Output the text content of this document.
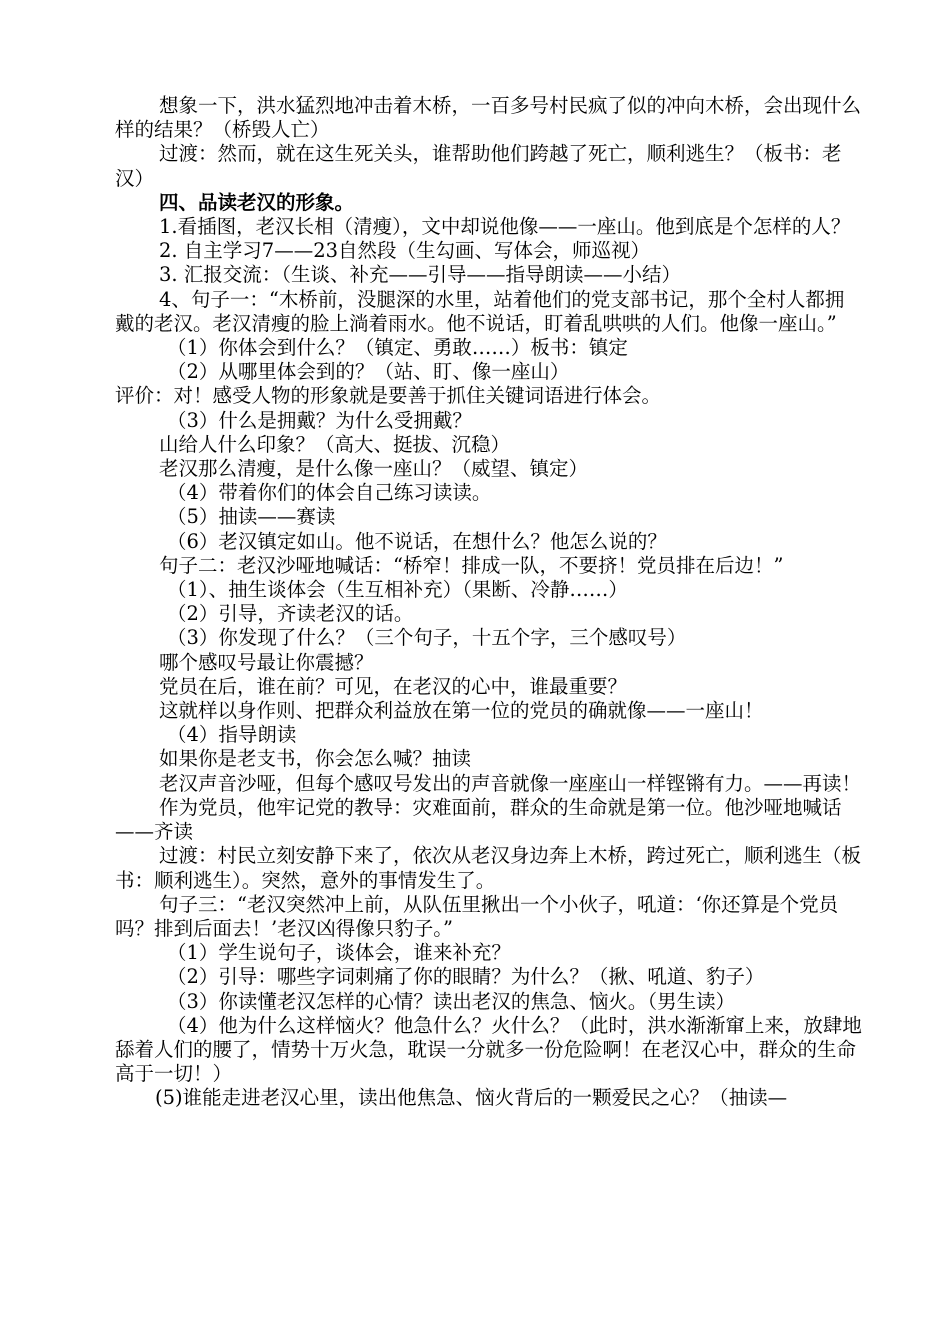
想象一下，洪水猛烈地冲击着木桥，一百多号村民疯了似的冲向木桥，会出现什么样的结果？（桥毁人亡）

过渡：然而，就在这生死关头，谁帮助他们跨越了死亡，顺利逃生？（板书：老汉）

四、品读老汉的形象。

1.看插图，老汉长相（清瘦），文中却说他像——一座山。他到底是个怎样的人？

2. 自主学习7——23自然段（生勾画、写体会，师巡视）

3. 汇报交流：（生谈、补充——引导——指导朗读——小结）

4、句子一：“木桥前，没腿深的水里，站着他们的党支部书记，那个全村人都拥戴的老汉。老汉清瘦的脸上淌着雨水。他不说话，盯着乱哄哄的人们。他像一座山。”

（1）你体会到什么？（镇定、勇敢……）板书：镇定

（2）从哪里体会到的？（站、盯、像一座山）

评价：对！感受人物的形象就是要善于抓住关键词语进行体会。

（3）什么是拥戴？为什么受拥戴？

山给人什么印象？（高大、挺拔、沉稳）

老汉那么清瘦，是什么像一座山？（威望、镇定）

（4）带着你们的体会自己练习读读。

（5）抽读——赛读

（6）老汉镇定如山。他不说话，在想什么？他怎么说的？

句子二：老汉沙哑地喊话：“桥窄！排成一队，不要挤！党员排在后边！”

（1）、抽生谈体会（生互相补充）（果断、冷静……）

（2）引导，齐读老汉的话。

（3）你发现了什么？（三个句子，十五个字，三个感叹号）

哪个感叹号最让你震撼？

党员在后，谁在前？可见，在老汉的心中，谁最重要？

这就样以身作则、把群众利益放在第一位的党员的确就像——一座山！

（4）指导朗读

如果你是老支书，你会怎么喊？抽读

老汉声音沙哑，但每个感叹号发出的声音就像一座座山一样铿锵有力。——再读！

作为党员，他牢记党的教导：灾难面前，群众的生命就是第一位。他沙哑地喊话——齐读

过渡：村民立刻安静下来了，依次从老汉身边奔上木桥，跨过死亡，顺利逃生（板书：顺利逃生）。突然，意外的事情发生了。

句子三：“老汉突然冲上前，从队伍里揪出一个小伙子，吼道：‘你还算是个党员吗？排到后面去！’老汉凶得像只豹子。”

（1）学生说句子，谈体会，谁来补充？

（2）引导：哪些字词刺痛了你的眼睛？为什么？（揪、吼道、豹子）

（3）你读懂老汉怎样的心情？读出老汉的焦急、恼火。（男生读）

（4）他为什么这样恼火？他急什么？火什么？（此时，洪水渐渐窜上来，放肆地舔着人们的腰了，情势十万火急，耽误一分就多一份危险啊！在老汉心中，群众的生命高于一切！）

(5)谁能走进老汉心里，读出他焦急、恼火背后的一颗爱民之心？（抽读—
